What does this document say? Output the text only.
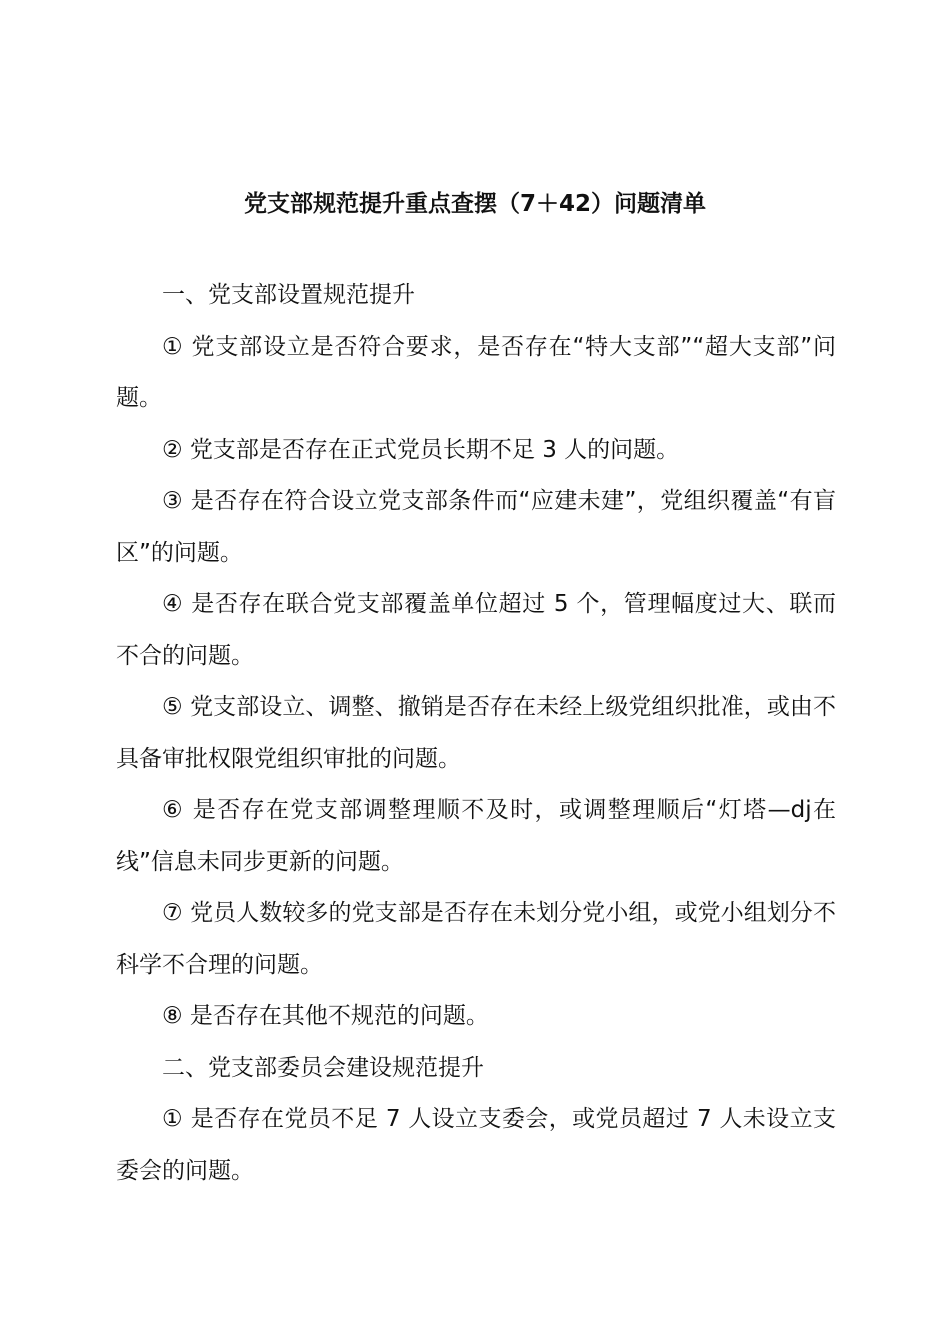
党支部规范提升重点查摆（7＋42）问题清单

一、党支部设置规范提升

① 党支部设立是否符合要求，是否存在“特大支部”“超大支部”问题。

② 党支部是否存在正式党员长期不足 3 人的问题。

③ 是否存在符合设立党支部条件而“应建未建”，党组织覆盖“有盲区”的问题。

④ 是否存在联合党支部覆盖单位超过 5 个，管理幅度过大、联而不合的问题。

⑤ 党支部设立、调整、撤销是否存在未经上级党组织批准，或由不具备审批权限党组织审批的问题。

⑥ 是否存在党支部调整理顺不及时，或调整理顺后“灯塔—dj在线”信息未同步更新的问题。

⑦ 党员人数较多的党支部是否存在未划分党小组，或党小组划分不科学不合理的问题。

⑧ 是否存在其他不规范的问题。

二、党支部委员会建设规范提升

① 是否存在党员不足 7 人设立支委会，或党员超过 7 人未设立支委会的问题。
